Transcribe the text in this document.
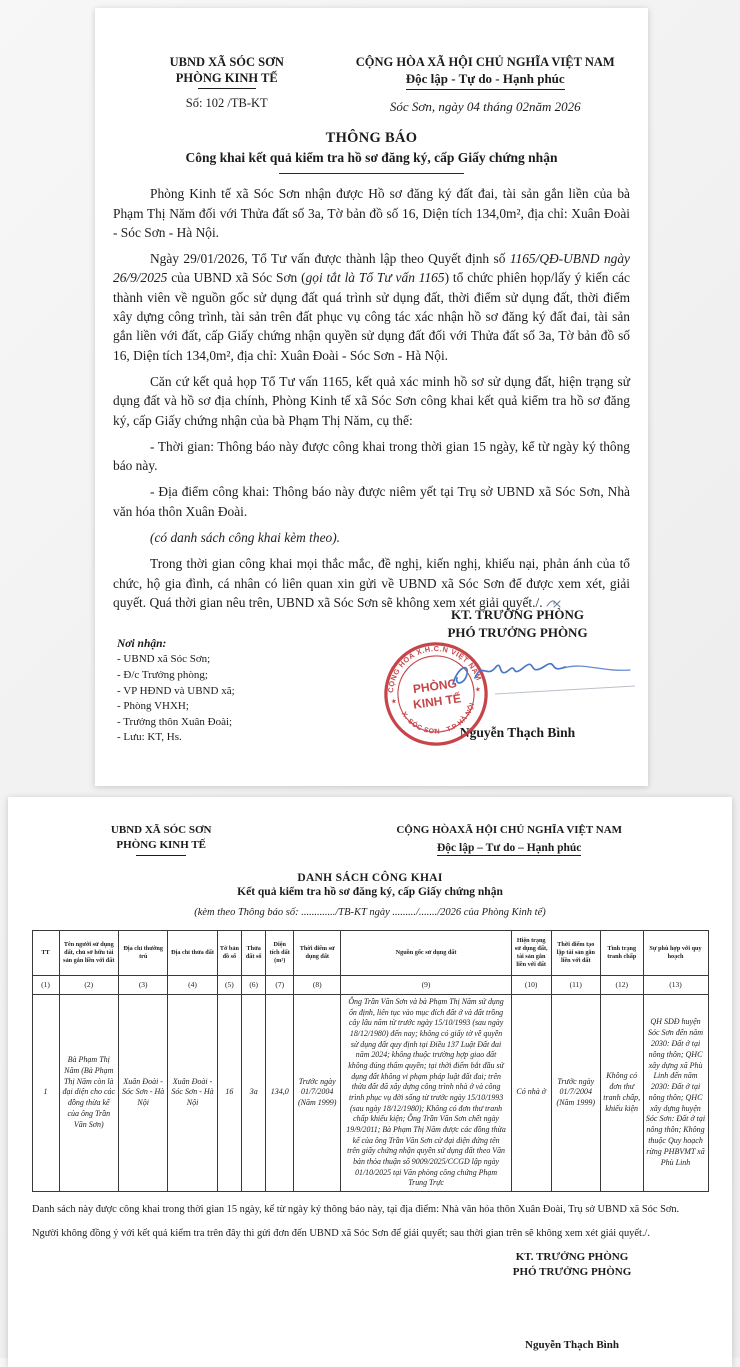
UBND XÃ SÓC SƠN
PHÒNG KINH TẾ
Số: 102 /TB-KT
CỘNG HÒA XÃ HỘI CHỦ NGHĨA VIỆT NAM
Độc lập - Tự do - Hạnh phúc
Sóc Sơn, ngày 04 tháng 02năm 2026
THÔNG BÁO
Công khai kết quả kiểm tra hồ sơ đăng ký, cấp Giấy chứng nhận

Phòng Kinh tế xã Sóc Sơn nhận được Hồ sơ đăng ký đất đai, tài sản gắn liền của bà Phạm Thị Năm đối với Thửa đất số 3a, Tờ bản đồ số 16, Diện tích 134,0m², địa chỉ: Xuân Đoài - Sóc Sơn - Hà Nội.

Ngày 29/01/2026, Tổ Tư vấn được thành lập theo Quyết định số 1165/QĐ-UBND ngày 26/9/2025 của UBND xã Sóc Sơn (gọi tắt là Tổ Tư vấn 1165) tổ chức phiên họp/lấy ý kiến các thành viên về nguồn gốc sử dụng đất quá trình sử dụng đất, thời điểm sử dụng đất, thời điểm xây dựng công trình, tài sản trên đất phục vụ công tác xác nhận hồ sơ đăng ký đất đai, tài sản gắn liền với đất, cấp Giấy chứng nhận quyền sử dụng đất đối với Thửa đất số 3a, Tờ bản đồ số 16, Diện tích 134,0m², địa chỉ: Xuân Đoài - Sóc Sơn - Hà Nội.

Căn cứ kết quả họp Tổ Tư vấn 1165, kết quả xác minh hồ sơ sử dụng đất, hiện trạng sử dụng đất và hồ sơ địa chính, Phòng Kinh tế xã Sóc Sơn công khai kết quả kiểm tra hồ sơ đăng ký, cấp Giấy chứng nhận của bà Phạm Thị Năm, cụ thể:

- Thời gian: Thông báo này được công khai trong thời gian 15 ngày, kể từ ngày ký thông báo này.

- Địa điểm công khai: Thông báo này được niêm yết tại Trụ sở UBND xã Sóc Sơn, Nhà văn hóa thôn Xuân Đoài.

(có danh sách công khai kèm theo).

Trong thời gian công khai mọi thắc mắc, đề nghị, kiến nghị, khiếu nại, phản ánh của tổ chức, hộ gia đình, cá nhân có liên quan xin gửi về UBND xã Sóc Sơn để được xem xét, giải quyết. Quá thời gian nêu trên, UBND xã Sóc Sơn sẽ không xem xét giải quyết./.

Nơi nhận:
- UBND xã Sóc Sơn;
- Đ/c Trưởng phòng;
- VP HĐND và UBND xã;
- Phòng VHXH;
- Trưởng thôn Xuân Đoài;
- Lưu: KT, Hs.
KT. TRƯỞNG PHÒNG
PHÓ TRƯỞNG PHÒNG
Nguyễn Thạch Bình
CỘNG HÒA X.H.C.N VIỆT NAM
X. SÓC SƠN - T.P HÀ NỘI
★
★
PHÒNG
KINH TẾ
UBND XÃ SÓC SƠN
PHÒNG KINH TẾ
CỘNG HÒAXÃ HỘI CHỦ NGHĨA VIỆT NAM
Độc lập – Tư do – Hạnh phúc
DANH SÁCH CÔNG KHAI
Kết quả kiểm tra hồ sơ đăng ký, cấp Giấy chứng nhận
(kèm theo Thông báo số: ............./TB-KT ngày ........./......./2026 của Phòng Kinh tế)
TT	Tên người sử dụng đất, chủ sở hữu tài sản gắn liền với đất	Địa chỉ thường trú	Địa chỉ thửa đất	Tờ bản đồ số	Thửa đất số	Diện tích đất (m²)	Thời điểm sử dụng đất	Nguồn gốc sử dụng đất	Hiện trạng sử dụng đất, tài sản gắn liền với đất	Thời điểm tạo lập tài sản gắn liền với đất	Tình trạng tranh chấp	Sự phù hợp với quy hoạch
(1)	(2)	(3)	(4)	(5)	(6)	(7)	(8)	(9)	(10)	(11)	(12)	(13)
1	Bà Phạm Thị Năm (Bà Phạm Thị Năm còn là đại diện cho các đồng thừa kế của ông Trần Văn Sơn)	Xuân Đoài - Sóc Sơn - Hà Nội	Xuân Đoài - Sóc Sơn - Hà Nội	16	3a	134,0	Trước ngày 01/7/2004 (Năm 1999)	Ông Trần Văn Sơn và bà Phạm Thị Năm sử dụng ổn định, liên tục vào mục đích đất ở và đất trồng cây lâu năm từ trước ngày 15/10/1993 (sau ngày 18/12/1980) đến nay; không có giấy tờ về quyền sử dụng đất quy định tại Điều 137 Luật Đất đai năm 2024; không thuộc trường hợp giao đất không đúng thẩm quyền; tại thời điểm bắt đầu sử dụng đất không vi phạm pháp luật đất đai; trên thửa đất đã xây dựng công trình nhà ở và công trình phục vụ đời sống từ trước ngày 15/10/1993 (sau ngày 18/12/1980); Không có đơn thư tranh chấp khiếu kiện; Ông Trần Văn Sơn chết ngày 19/9/2011; Bà Phạm Thị Năm được các đồng thừa kế của ông Trần Văn Sơn cử đại diện đứng tên trên giấy chứng nhận quyền sử dụng đất theo Văn bản thỏa thuận số 9009/2025/CCGD lập ngày 01/10/2025 tại Văn phòng công chứng Phạm Trung Trực	Có nhà ở	Trước ngày 01/7/2004 (Năm 1999)	Không có đơn thư tranh chấp, khiếu kiện	QH SDĐ huyện Sóc Sơn đến năm 2030: Đất ở tại nông thôn; QHC xây dựng xã Phù Linh đến năm 2030: Đất ở tại nông thôn; QHC xây dựng huyện Sóc Sơn: Đất ở tại nông thôn; Không thuộc Quy hoạch rừng PHBVMT xã Phù Linh

Danh sách này được công khai trong thời gian 15 ngày, kể từ ngày ký thông báo này, tại địa điểm: Nhà văn hóa thôn Xuân Đoài, Trụ sở UBND xã Sóc Sơn.

Người không đồng ý với kết quả kiểm tra trên đây thì gửi đơn đến UBND xã Sóc Sơn để giải quyết; sau thời gian trên sẽ không xem xét giải quyết./.

KT. TRƯỞNG PHÒNG
PHÓ TRƯỞNG PHÒNG
Nguyễn Thạch Bình
